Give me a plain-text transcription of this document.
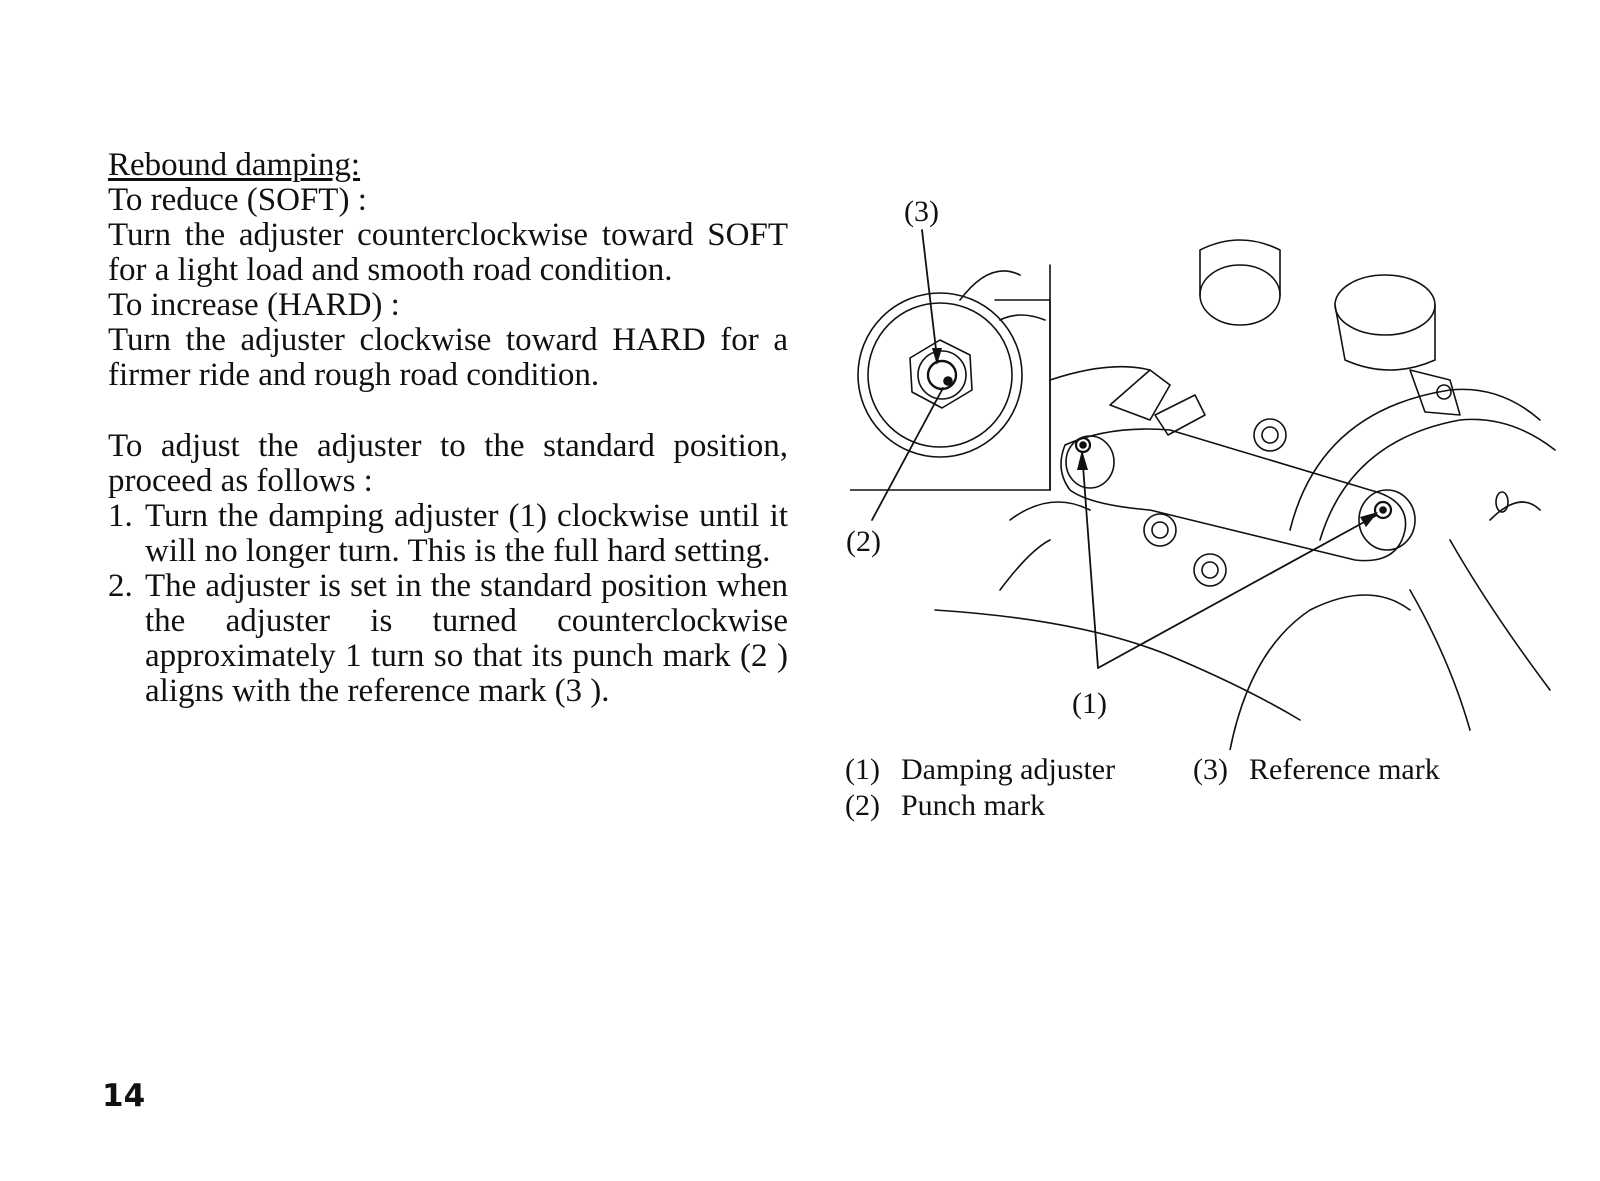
Rebound damping:

To reduce (SOFT) :

Turn the adjuster counterclockwise toward SOFT for a light load and smooth road condition.

To increase (HARD) :

Turn the adjuster clockwise toward HARD for a firmer ride and rough road condition.

To adjust the adjuster to the standard position, proceed as follows :

1. Turn the damping adjuster (1) clockwise until it will no longer turn. This is the full hard setting.
2. The adjuster is set in the standard position when the adjuster is turned counterclockwise approximately 1 turn so that its punch mark (2 ) aligns with the reference mark (3 ).
(3)
(2)
(1)
(1) Damping adjuster
(2) Punch mark
(3) Reference mark
14
